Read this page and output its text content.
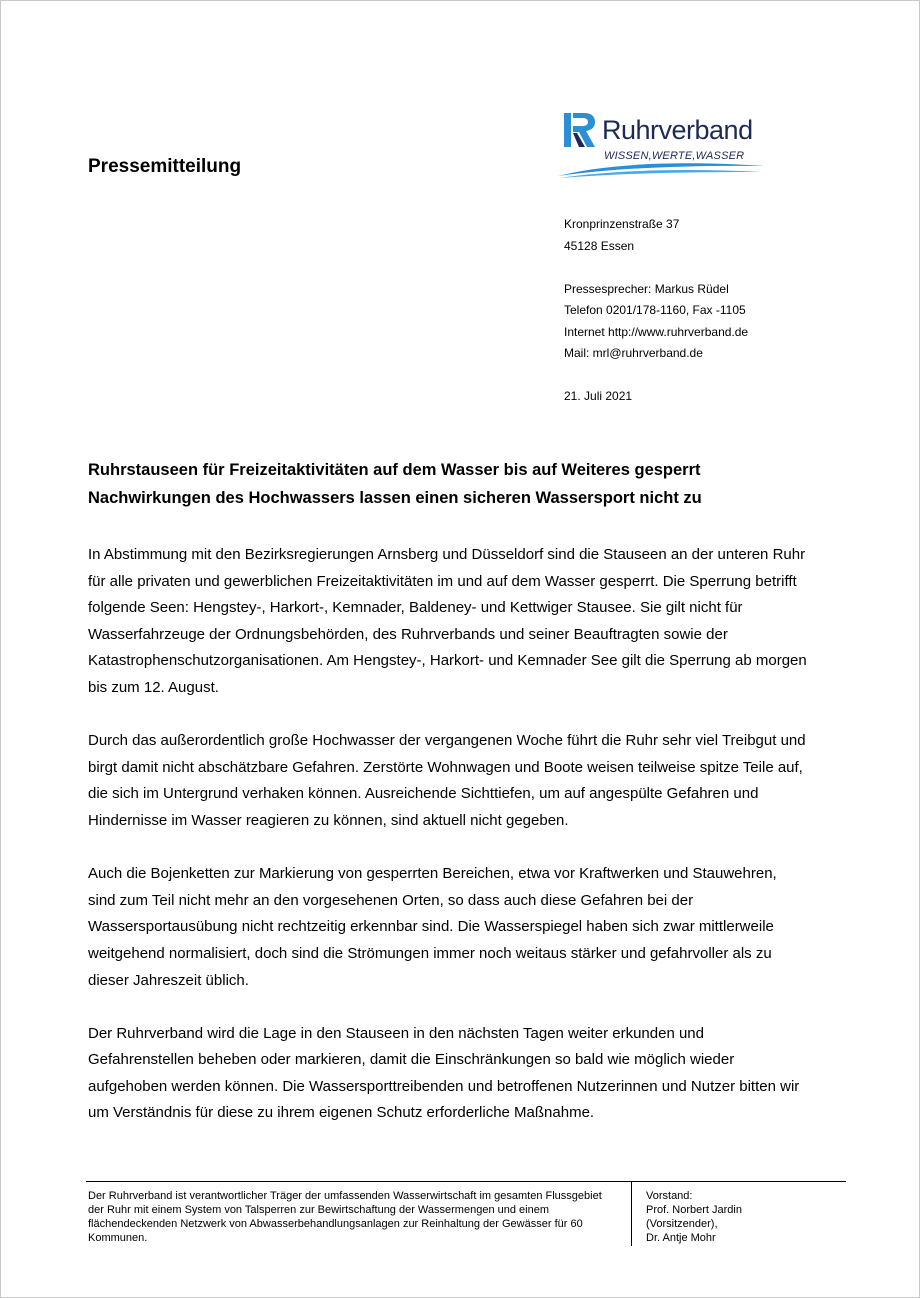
Pressemitteilung
Ruhrverband
WISSEN,WERTE,WASSER
Kronprinzenstraße 37
45128 Essen
Pressesprecher: Markus Rüdel
Telefon 0201/178-1160, Fax -1105
Internet http://www.ruhrverband.de
Mail: mrl@ruhrverband.de
21. Juli 2021
Ruhrstauseen für Freizeitaktivitäten auf dem Wasser bis auf Weiteres gesperrt
Nachwirkungen des Hochwassers lassen einen sicheren Wassersport nicht zu

In Abstimmung mit den Bezirksregierungen Arnsberg und Düsseldorf sind die Stauseen an der unteren Ruhr für alle privaten und gewerblichen Freizeitaktivitäten im und auf dem Wasser gesperrt. Die Sperrung betrifft folgende Seen: Hengstey-, Harkort-, Kemnader, Baldeney- und Kettwiger Stausee. Sie gilt nicht für Wasserfahrzeuge der Ordnungsbehörden, des Ruhrverbands und seiner Beauftragten sowie der Katastrophenschutzorganisationen. Am Hengstey-, Harkort- und Kemnader See gilt die Sperrung ab morgen bis zum 12. August.

Durch das außerordentlich große Hochwasser der vergangenen Woche führt die Ruhr sehr viel Treibgut und birgt damit nicht abschätzbare Gefahren. Zerstörte Wohnwagen und Boote weisen teilweise spitze Teile auf, die sich im Untergrund verhaken können. Ausreichende Sichttiefen, um auf angespülte Gefahren und Hindernisse im Wasser reagieren zu können, sind aktuell nicht gegeben.

Auch die Bojenketten zur Markierung von gesperrten Bereichen, etwa vor Kraftwerken und Stauwehren, sind zum Teil nicht mehr an den vorgesehenen Orten, so dass auch diese Gefahren bei der Wassersportausübung nicht rechtzeitig erkennbar sind. Die Wasserspiegel haben sich zwar mittlerweile weitgehend normalisiert, doch sind die Strömungen immer noch weitaus stärker und gefahrvoller als zu dieser Jahreszeit üblich.

Der Ruhrverband wird die Lage in den Stauseen in den nächsten Tagen weiter erkunden und Gefahrenstellen beheben oder markieren, damit die Einschränkungen so bald wie möglich wieder aufgehoben werden können. Die Wassersporttreibenden und betroffenen Nutzerinnen und Nutzer bitten wir um Verständnis für diese zu ihrem eigenen Schutz erforderliche Maßnahme.

Der Ruhrverband ist verantwortlicher Träger der umfassenden Wasserwirtschaft im gesamten Flussgebiet der Ruhr mit einem System von Talsperren zur Bewirtschaftung der Wassermengen und einem flächendeckenden Netzwerk von Abwasserbehandlungsanlagen zur Reinhaltung der Gewässer für 60 Kommunen.
Vorstand:
Prof. Norbert Jardin
(Vorsitzender),
Dr. Antje Mohr
